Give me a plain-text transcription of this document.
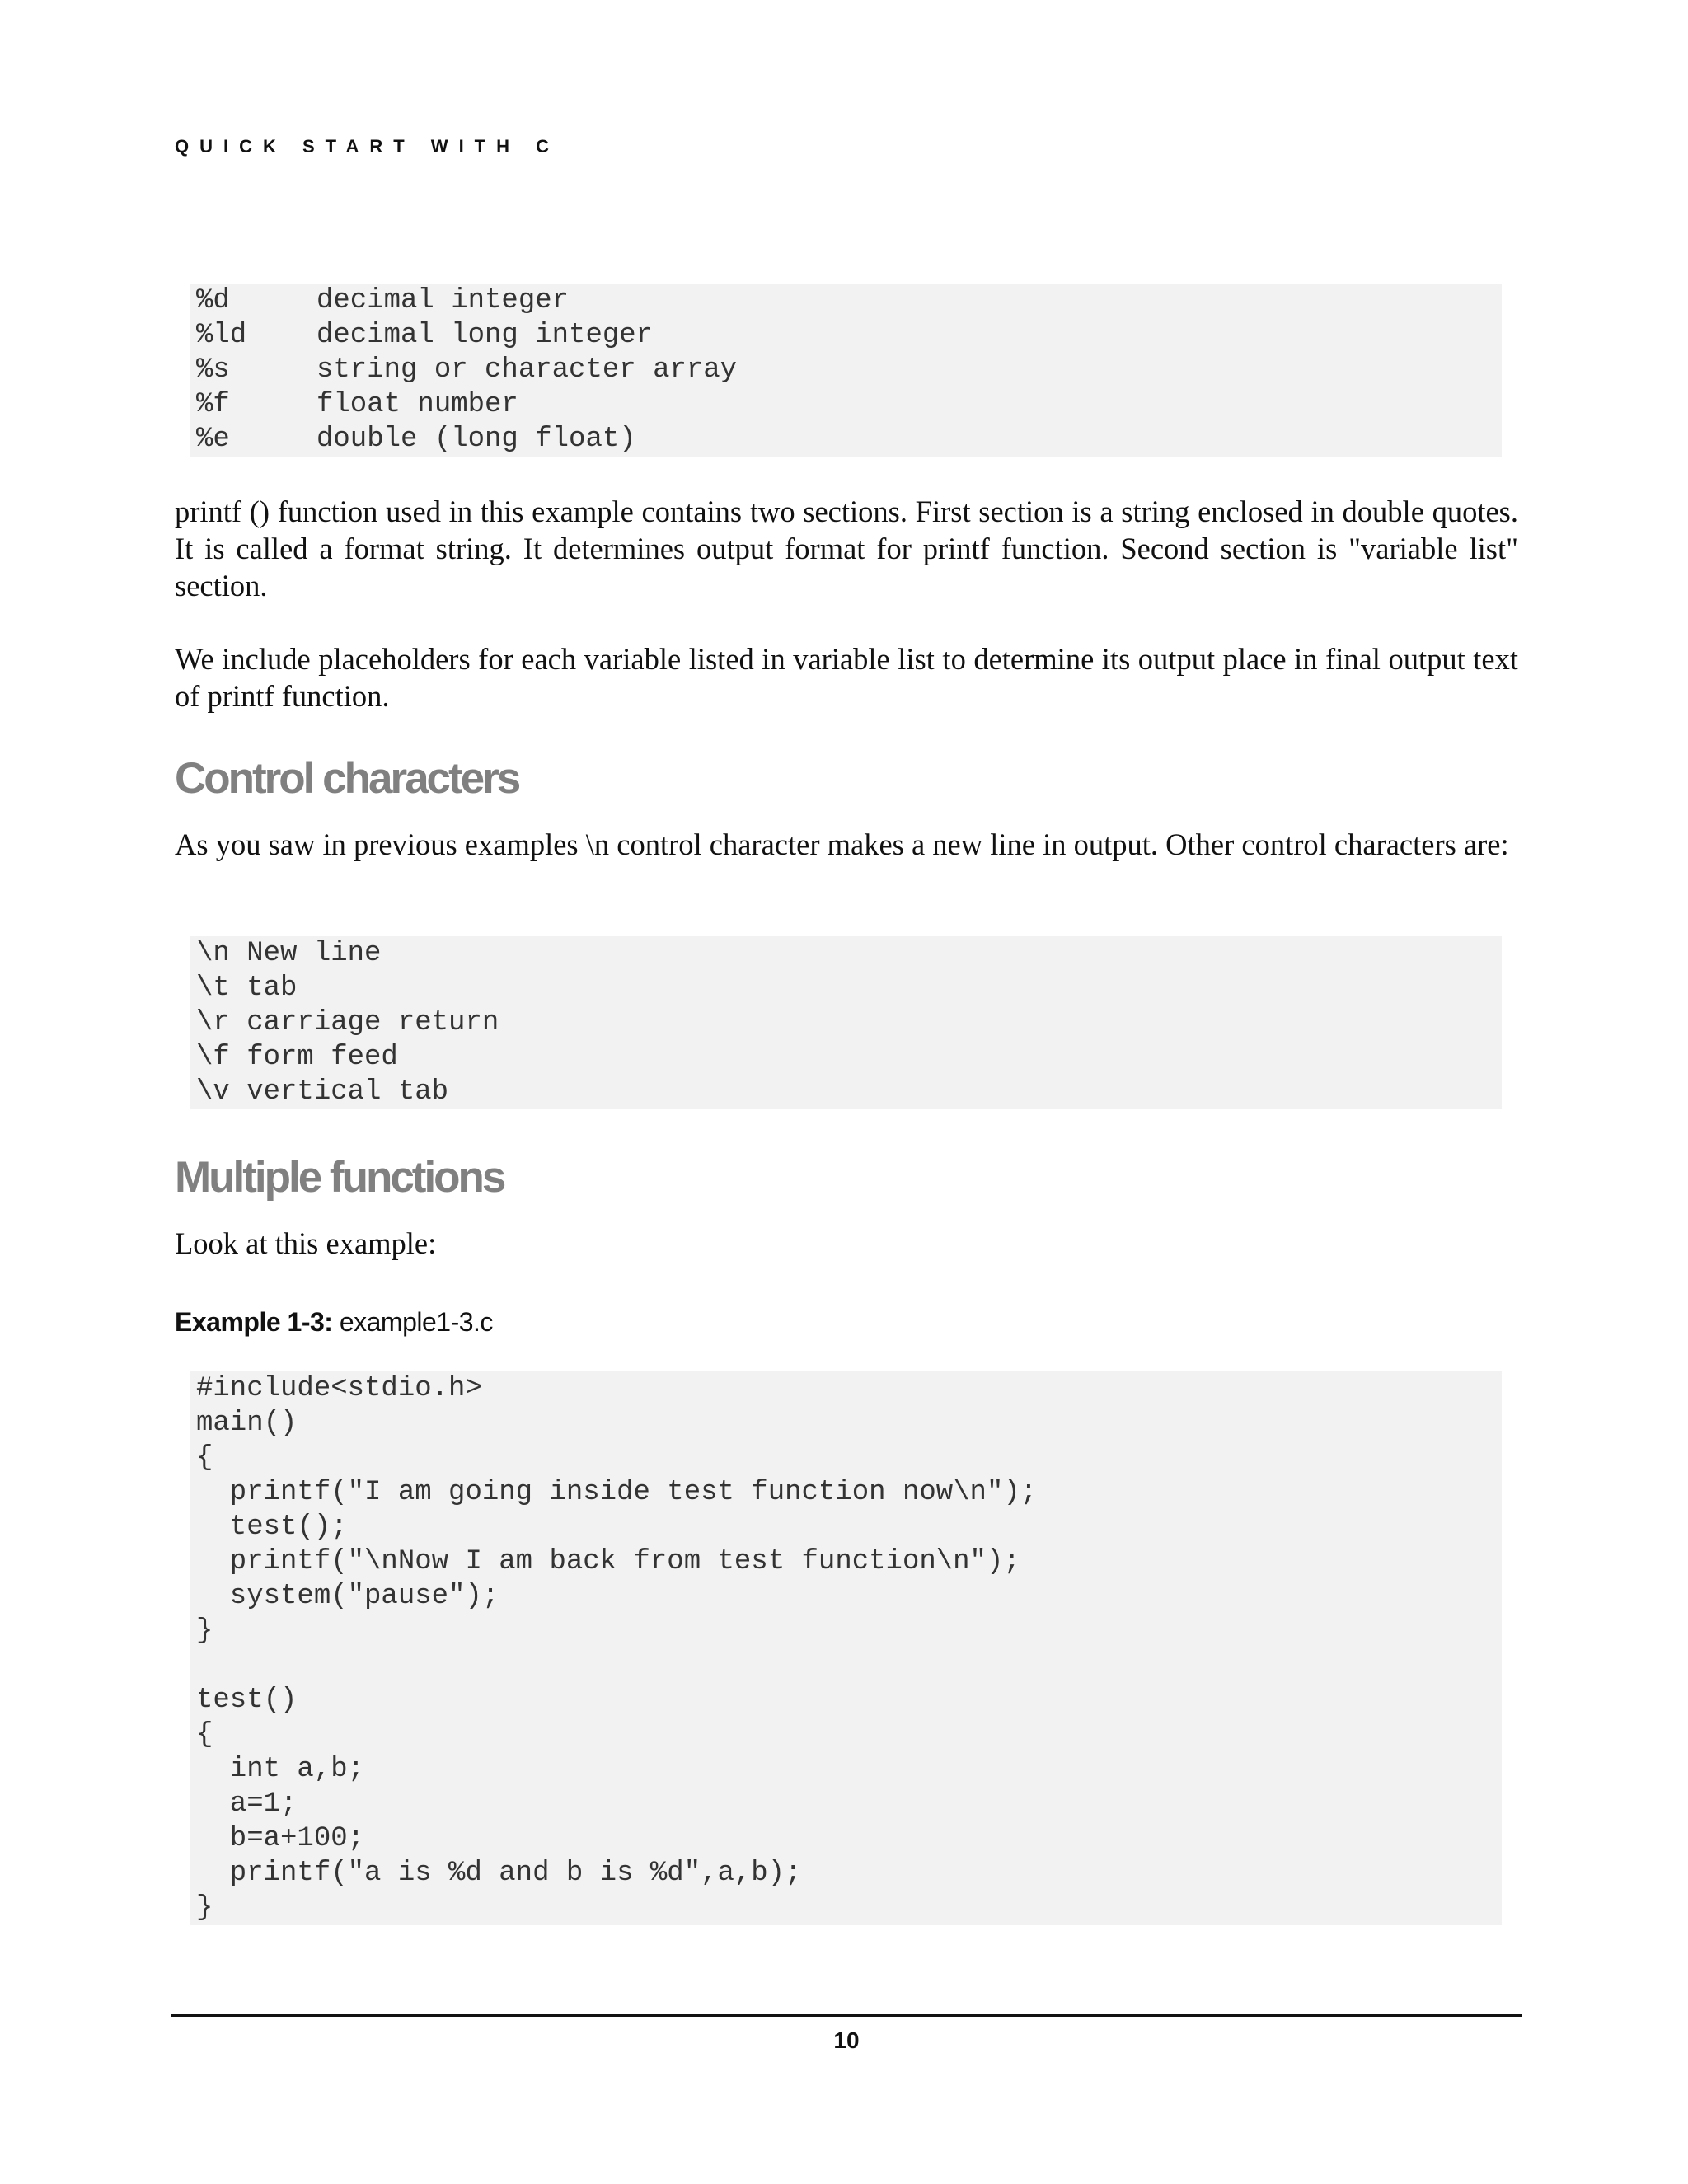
QUICK START WITH C
%d	decimal integer
%ld decimal long integer
%s	string or character array
%f	float number
%e	double (long float)

printf () function used in this example contains two sections. First section is a string enclosed in double quotes. It is called a format string. It determines output format for printf function. Second section is "variable list" section.

We include placeholders for each variable listed in variable list to determine its output place in final output text of printf function.

Control characters

As you saw in previous examples \n control character makes a new line in output. Other control characters are:

\n New line
\t tab
\r carriage return
\f form feed
\v vertical tab
Multiple functions

Look at this example:

Example 1-3: example1-3.c
#include<stdio.h>
main()
{
printf("I am going inside test function now\n");
test();
printf("\nNow I am back from test function\n");
system("pause");
}
test()
{
int a,b;
a=1;
b=a+100;
printf("a is %d and b is %d",a,b);
}
10
